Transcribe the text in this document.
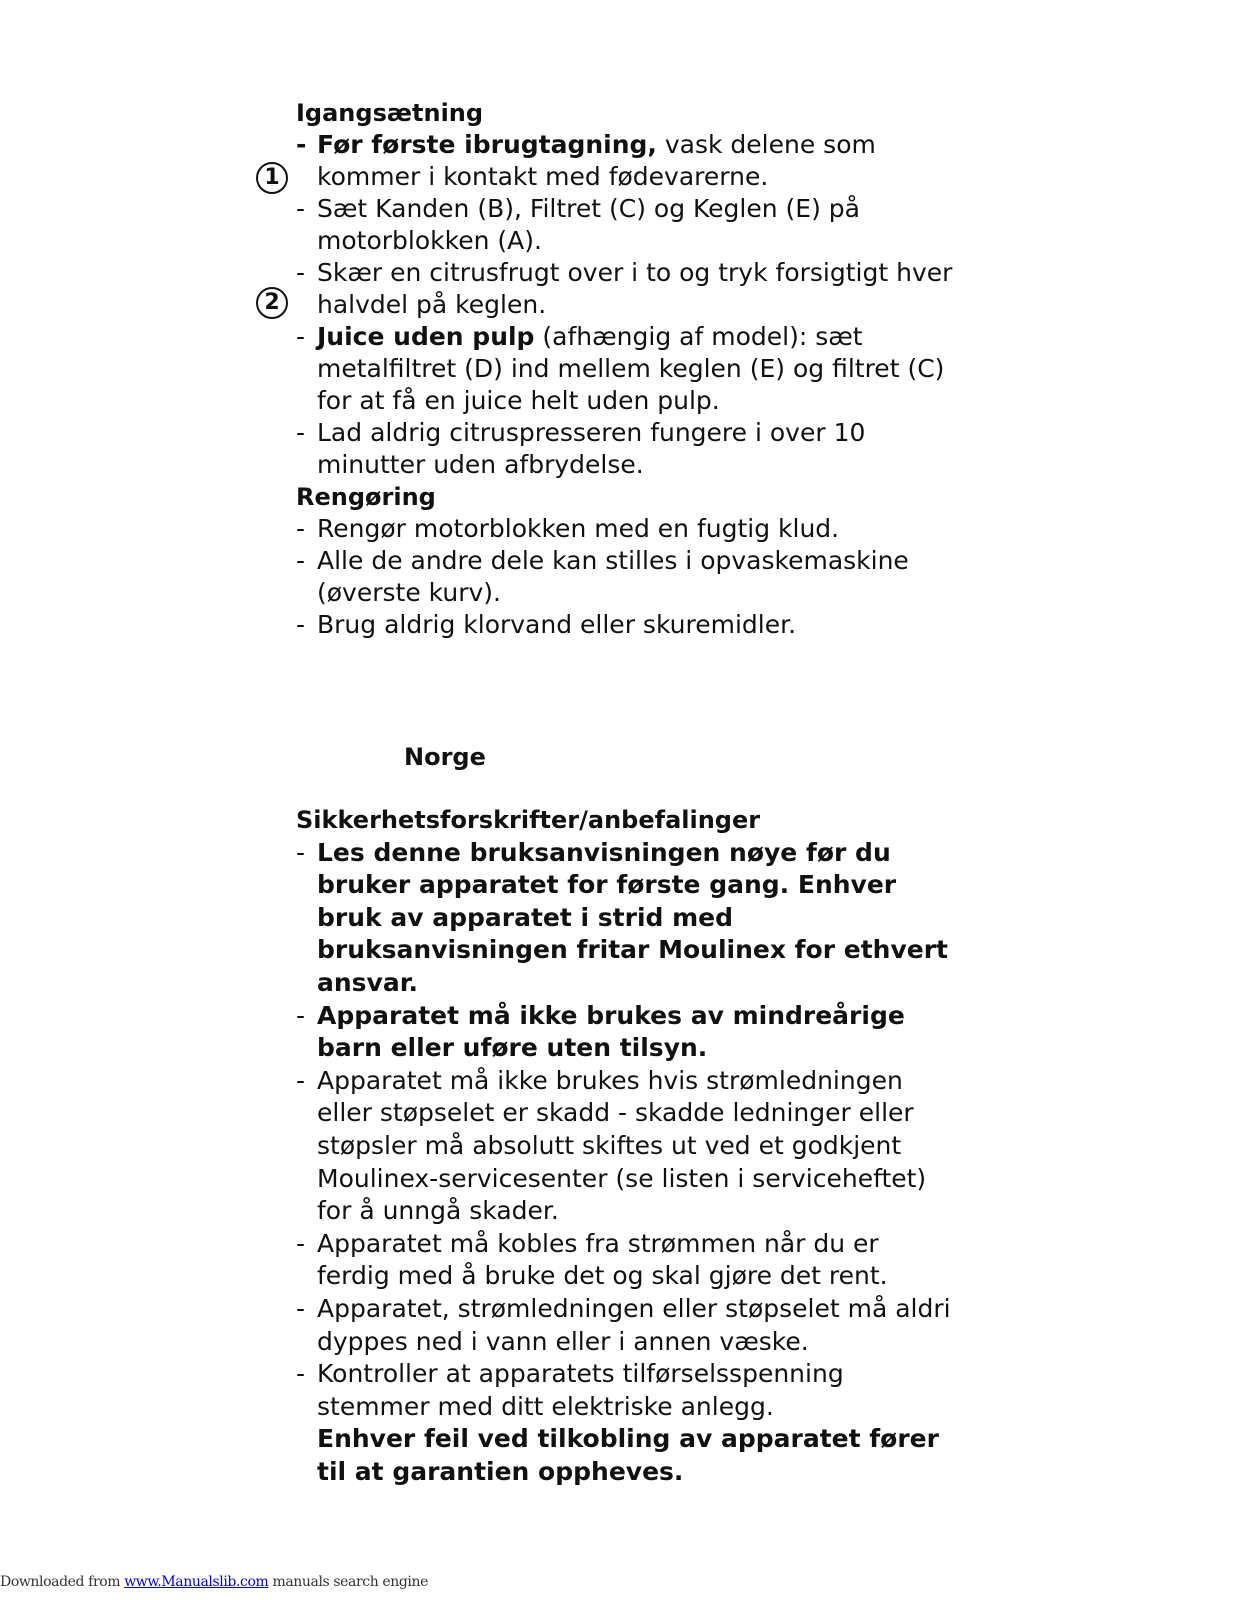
1
2
Igangsætning
- Før første ibrugtagning, vask delene som kommer i kontakt med fødevarerne.
- Sæt Kanden (B), Filtret (C) og Keglen (E) på motorblokken (A).
- Skær en citrusfrugt over i to og tryk forsigtigt hver halvdel på keglen.
- Juice uden pulp (afhængig af model): sæt metalfiltret (D) ind mellem keglen (E) og filtret (C) for at få en juice helt uden pulp.
- Lad aldrig citruspresseren fungere i over 10 minutter uden afbrydelse.
Rengøring
- Rengør motorblokken med en fugtig klud.
- Alle de andre dele kan stilles i opvaskemaskine (øverste kurv).
- Brug aldrig klorvand eller skuremidler.
Norge
Sikkerhetsforskrifter/anbefalinger
- Les denne bruksanvisningen nøye før du bruker apparatet for første gang. Enhver bruk av apparatet i strid med bruksanvisningen fritar Moulinex for ethvert ansvar.
- Apparatet må ikke brukes av mindreårige barn eller uføre uten tilsyn.
- Apparatet må ikke brukes hvis strømledningen eller støpselet er skadd - skadde ledninger eller støpsler må absolutt skiftes ut ved et godkjent Moulinex-servicesenter (se listen i serviceheftet) for å unngå skader.
- Apparatet må kobles fra strømmen når du er ferdig med å bruke det og skal gjøre det rent.
- Apparatet, strømledningen eller støpselet må aldri dyppes ned i vann eller i annen væske.
- Kontroller at apparatets tilførselsspenning stemmer med ditt elektriske anlegg.
Enhver feil ved tilkobling av apparatet fører til at garantien oppheves.
Downloaded from www.Manualslib.com manuals search engine
